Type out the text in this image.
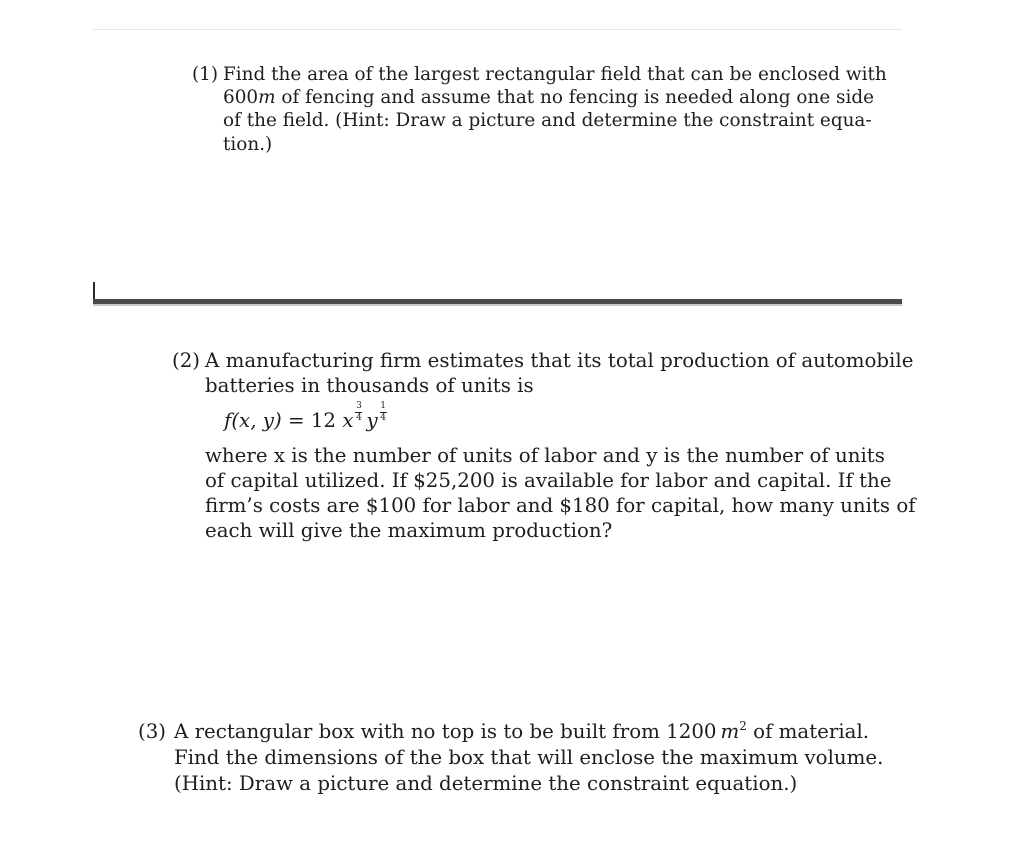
(1) Find the area of the largest rectangular field that can be enclosed with
600m of fencing and assume that no fencing is needed along one side
of the field. (Hint: Draw a picture and determine the constraint equa-
tion.)
(2) A manufacturing firm estimates that its total production of automobile
batteries in thousands of units is
f (x, y)
=
12
x $\frac{3}{4}$ y $\frac{1}{4}$
where x is the number of units of labor and y is the number of units
of capital utilized. If $25,200 is available for labor and capital. If the
firm’s costs are $100 for labor and $180 for capital, how many units of
each will give the maximum production?
(3) A rectangular box with no top is to be built from 1200  $m^2$ of material.
Find the dimensions of the box that will enclose the maximum volume.
(Hint: Draw a picture and determine the constraint equation.)
